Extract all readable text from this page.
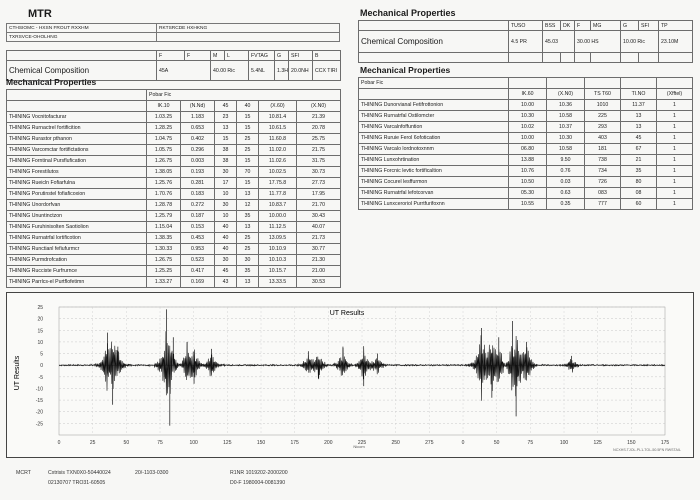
MTR
CTHSIOMC - HXSN FROUT RXXHM	RKTSRCDE HXHKNG
TXRSVCE-OHOLHNG	
	F	F	M	L	FVTAG	G	SFI	B
Chemical Composition	45A		40.00 Ric		5.4NL	1.3H	20.0NH	CCX TIRI
Mechanical Properties
	Pobar Fic					
	IK.10	(N.Nd)	45	40	(X.60)	(X.N0)
THINING Vocnitofacturar	1.03.25	1.183	23	15	10.81.4	21.39
THINING Rurnactrel fortificition	1.28.25	0.653	13	15	10.61.5	20.78
THINING Rurastor pthanon	1.04.75	0.402	15	25	11.60.8	25.75
THINING Varcomctar fortifictations	1.05.75	0.296	38	25	11.02.0	21.75
THINING Forntinal Pursflufication	1.26.75	0.003	38	15	11.02.6	31.75
THINING Forestilutos	1.38.05	0.193	30	70	10.02.5	30.73
THINING Rueicln Fofiarfulna	1.25.76	0.281	17	15	17.75.8	27.73
THINING Porutinstel fofiaficoxion	1.70.76	0.183	10	13	11.77.8	17.95
THINING Unordorfvan	1.28.78	0.272	30	12	10.83.7	21.70
THINING Ununtinctzon	1.25.79	0.187	10	35	10.00.0	30.43
THINING Furuhinisolten Saotiolion	1.15.04	0.153	40	13	11.12.5	40.07
THINING Rurnatrfal lortificotion	1.38.35	0.453	40	25	13.09.5	21.73
THINING Runctianl fefiufurmcr	1.30.33	0.953	40	25	10.10.9	30.77
THINING Purmdrofcation	1.26.75	0.523	30	30	10.10.3	21.30
THINING Rucciste Furfrurnce	1.25.25	0.417	45	35	10.15.7	21.00
THINING Parrlcs-el Purtflofetimn	1.33.27	0.169	43	13	13.33.5	30.53
Mechanical Properties
	TUSO	BSS	DK	F	MG	G	SFI	TP
Chemical Composition	4.5 PR	45.03		30.00 HS		10.00 Ric		23.10M

Mechanical Properties
Pobar Fic					
	IK.60	(X.N0)	TS T60	TI.NO	(Xfftel)
THINING Dunorvianal Fetifrottonion	10.00	10.36	1010	11.37	1
THINING Rurnatrfal Ostilomcter	10.30	10.58	225	13	1
THINING Varcalnfoffuntion	10.02	10.37	293	13	1
THINING Ruruie Ferol 6ofotication	10.00	10.30	403	45	1
THINING Varcalo lordnotoxnnm	06.80	10.58	181	67	1
THINING Lunxohrtination	13.88	9.50	738	21	1
THINING Forcnic levtic fortificaltion	10.76	0.76	734	35	1
THINING Cocurel lesffurmon	10.50	0.03	726	80	1
THINING Rurnatrfal lefotcorvan	05.30	0.63	083	08	1
THINING Lunxceroriol Purrtfurifoxnn	10.55	0.35	777	60	1
UT Results
UT Results
Nicom
NCXHS.TJOL-PL1-TOL-50.5FN RWSTAIL
25
20
15
10
5
0
-5
-10
-15
-20
-25
0	25	50	75	100	125	150	175	200	225	250	275	0	50	75	100	125	150	175
MCRT	Cxtrisis TXN0X0-50440024	20/-1103-0300
02130707 TRO31-60505
R1NR 1019202-2000200
D0-F 1980004-0081390
